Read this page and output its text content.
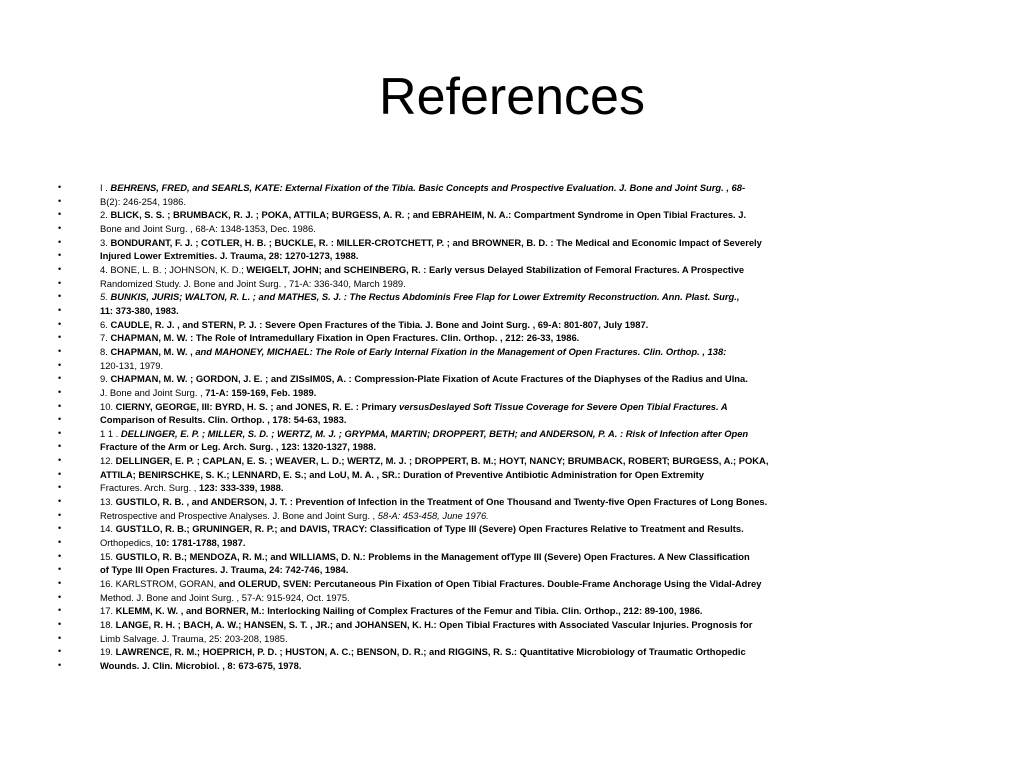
References
•	I . BEHRENS, FRED, and SEARLS, KATE: External Fixation of the Tibia. Basic Concepts and Prospective Evaluation. J. Bone and Joint Surg. , 68-
•	B(2): 246-254, 1986.
•	2. BLICK, S. S. ; BRUMBACK, R. J. ; POKA, ATTILA; BURGESS, A. R. ; and EBRAHEIM, N. A.: Compartment Syndrome in Open Tibial Fractures. J.
•	Bone and Joint Surg. , 68-A: 1348-1353, Dec. 1986.
•	3. BONDURANT, F. J. ; COTLER, H. B. ; BUCKLE, R. : MILLER-CROTCHETT, P. ; and BROWNER, B. D. : The Medical and Economic Impact of Severely
•	Injured Lower Extremities. J. Trauma, 28: 1270-1273, 1988.
•	4. BONE, L. B. ; JOHNSON, K. D.; WEIGELT, JOHN; and SCHEINBERG, R. : Early versus Delayed Stabilization of Femoral Fractures. A Prospective
•	Randomized Study. J. Bone and Joint Surg. , 71-A: 336-340, March 1989.
•	5. BUNKIS, JURIS; WALTON, R. L. ; and MATHES, S. J. : The Rectus Abdominis Free Flap for Lower Extremity Reconstruction. Ann. Plast. Surg.,
•	11: 373-380, 1983.
•	6. CAUDLE, R. J. , and STERN, P. J. : Severe Open Fractures of the Tibia. J. Bone and Joint Surg. , 69-A: 801-807, July 1987.
•	7. CHAPMAN, M. W. : The Role of Intramedullary Fixation in Open Fractures. Clin. Orthop. , 212: 26-33, 1986.
•	8. CHAPMAN, M. W. , and MAHONEY, MICHAEL: The Role of Early Internal Fixation in the Management of Open Fractures. Clin. Orthop. , 138:
•	120-131, 1979.
•	9. CHAPMAN, M. W. ; GORDON, J. E. ; and ZISsIM0S, A. : Compression-Plate Fixation of Acute Fractures of the Diaphyses of the Radius and Ulna.
•	J. Bone and Joint Surg. , 71-A: 159-169, Feb. 1989.
•	10. CIERNY, GEORGE, III: BYRD, H. S. ; and JONES, R. E. : Primary versusDeslayed Soft Tissue Coverage for Severe Open Tibial Fractures. A
•	Comparison of Results. Clin. Orthop. , 178: 54-63, 1983.
•	1 1 . DELLINGER, E. P. ; MILLER, S. D. ; WERTZ, M. J. ; GRYPMA, MARTIN; DROPPERT, BETH; and ANDERSON, P. A. : Risk of Infection after Open
•	Fracture of the Arm or Leg. Arch. Surg. , 123: 1320-1327, 1988.
•	12. DELLINGER, E. P. ; CAPLAN, E. S. ; WEAVER, L. D.; WERTZ, M. J. ; DROPPERT, B. M.; HOYT, NANCY; BRUMBACK, ROBERT; BURGESS, A.; POKA,
•	ATTILA; BENIRSCHKE, S. K.; LENNARD, E. S.; and LoU, M. A. , SR.: Duration of Preventive Antibiotic Administration for Open Extremity
•	Fractures. Arch. Surg. , 123: 333-339, 1988.
•	13. GUSTILO, R. B. , and ANDERSON, J. T. : Prevention of Infection in the Treatment of One Thousand and Twenty-five Open Fractures of Long Bones.
•	Retrospective and Prospective Analyses. J. Bone and Joint Surg. , 58-A: 453-458, June 1976.
•	14. GUST1LO, R. B.; GRUNINGER, R. P.; and DAVIS, TRACY: Classification of Type III (Severe) Open Fractures Relative to Treatment and Results.
•	Orthopedics, 10: 1781-1788, 1987.
•	15. GUSTILO, R. B.; MENDOZA, R. M.; and WILLIAMS, D. N.: Problems in the Management ofType III (Severe) Open Fractures. A New Classification
•	of Type III Open Fractures. J. Trauma, 24: 742-746, 1984.
•	16. KARLSTROM, GORAN, and OLERUD, SVEN: Percutaneous Pin Fixation of Open Tibial Fractures. Double-Frame Anchorage Using the Vidal-Adrey
•	Method. J. Bone and Joint Surg. , 57-A: 915-924, Oct. 1975.
•	17. KLEMM, K. W. , and BORNER, M.: Interlocking Nailing of Complex Fractures of the Femur and Tibia. Clin. Orthop., 212: 89-100, 1986.
•	18. LANGE, R. H. ; BACH, A. W.; HANSEN, S. T. , JR.; and JOHANSEN, K. H.: Open Tibial Fractures with Associated Vascular Injuries. Prognosis for
•	Limb Salvage. J. Trauma, 25: 203-208, 1985.
•	19. LAWRENCE, R. M.; HOEPRICH, P. D. ; HUSTON, A. C.; BENSON, D. R.; and RIGGINS, R. S.: Quantitative Microbiology of Traumatic Orthopedic
•	Wounds. J. Clin. Microbiol. , 8: 673-675, 1978.
